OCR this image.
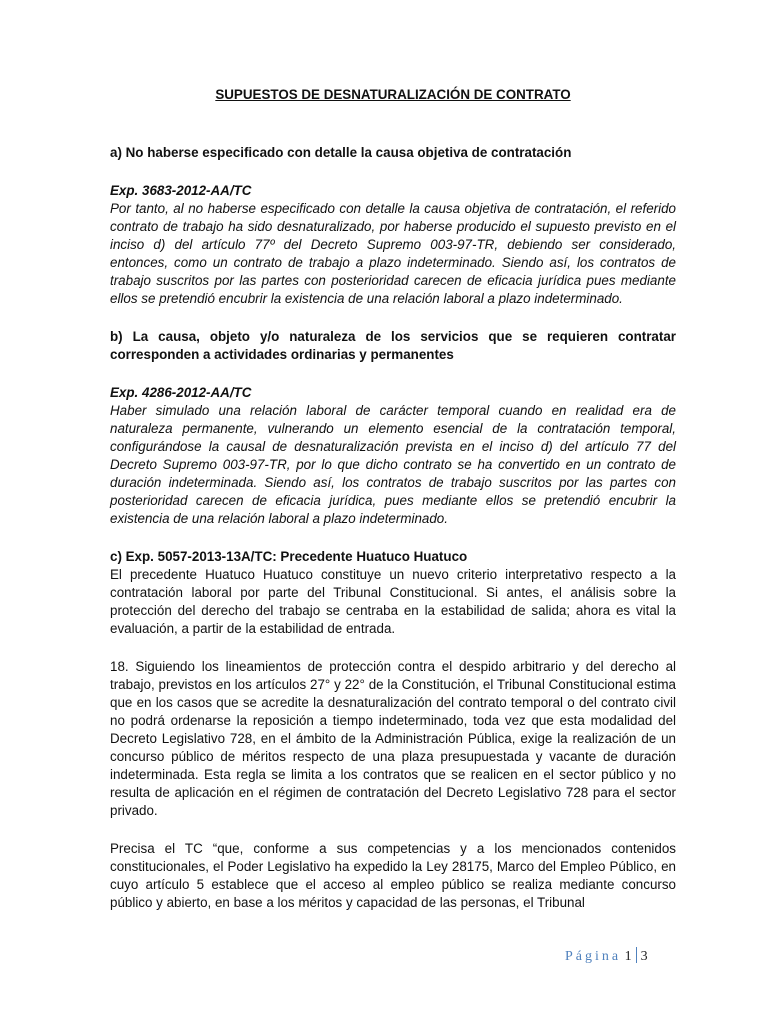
SUPUESTOS DE DESNATURALIZACIÓN DE CONTRATO

a) No haberse especificado con detalle la causa objetiva de contratación

Exp. 3683-2012-AA/TC

Por tanto, al no haberse especificado con detalle la causa objetiva de contratación, el referido contrato de trabajo ha sido desnaturalizado, por haberse producido el supuesto previsto en el inciso d) del artículo 77º del Decreto Supremo 003-97-TR, debiendo ser considerado, entonces, como un contrato de trabajo a plazo indeterminado. Siendo así, los contratos de trabajo suscritos por las partes con posterioridad carecen de eficacia jurídica pues mediante ellos se pretendió encubrir la existencia de una relación laboral a plazo indeterminado.

b) La causa, objeto y/o naturaleza de los servicios que se requieren contratar corresponden a actividades ordinarias y permanentes

Exp. 4286-2012-AA/TC

Haber simulado una relación laboral de carácter temporal cuando en realidad era de naturaleza permanente, vulnerando un elemento esencial de la contratación temporal, configurándose la causal de desnaturalización prevista en el inciso d) del artículo 77 del Decreto Supremo 003-97-TR, por lo que dicho contrato se ha convertido en un contrato de duración indeterminada. Siendo así, los contratos de trabajo suscritos por las partes con posterioridad carecen de eficacia jurídica, pues mediante ellos se pretendió encubrir la existencia de una relación laboral a plazo indeterminado.

c) Exp. 5057-2013-13A/TC: Precedente Huatuco Huatuco

El precedente Huatuco Huatuco constituye un nuevo criterio interpretativo respecto a la contratación laboral por parte del Tribunal Constitucional. Si antes, el análisis sobre la protección del derecho del trabajo se centraba en la estabilidad de salida; ahora es vital la evaluación, a partir de la estabilidad de entrada.

18. Siguiendo los lineamientos de protección contra el despido arbitrario y del derecho al trabajo, previstos en los artículos 27° y 22° de la Constitución, el Tribunal Constitucional estima que en los casos que se acredite la desnaturalización del contrato temporal o del contrato civil no podrá ordenarse la reposición a tiempo indeterminado, toda vez que esta modalidad del Decreto Legislativo 728, en el ámbito de la Administración Pública, exige la realización de un concurso público de méritos respecto de una plaza presupuestada y vacante de duración indeterminada. Esta regla se limita a los contratos que se realicen en el sector público y no resulta de aplicación en el régimen de contratación del Decreto Legislativo 728 para el sector privado.

Precisa el TC “que, conforme a sus competencias y a los mencionados contenidos constitucionales, el Poder Legislativo ha expedido la Ley 28175, Marco del Empleo Público, en cuyo artículo 5 establece que el acceso al empleo público se realiza mediante concurso público y abierto, en base a los méritos y capacidad de las personas, el Tribunal

Página 1 3
